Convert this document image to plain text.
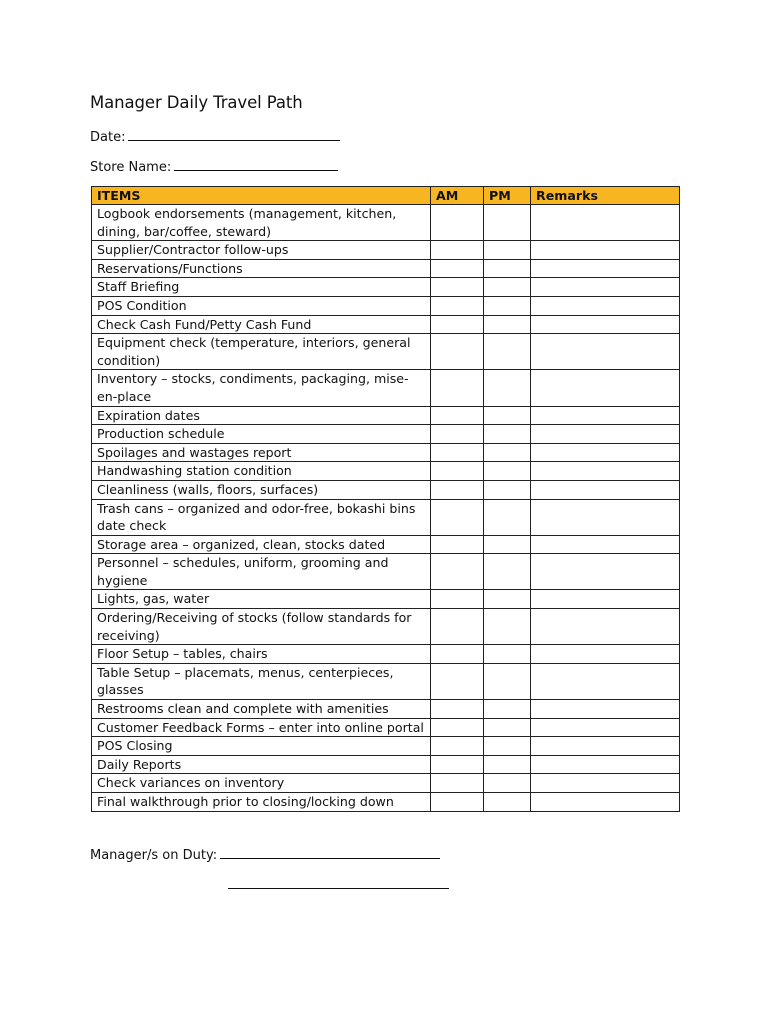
Manager Daily Travel Path
Date:
Store Name:
ITEMS	AM	PM	Remarks
Logbook endorsements (management, kitchen, dining, bar/coffee, steward)			
Supplier/Contractor follow-ups			
Reservations/Functions			
Staff Briefing			
POS Condition			
Check Cash Fund/Petty Cash Fund			
Equipment check (temperature, interiors, general condition)			
Inventory – stocks, condiments, packaging, mise-en-place			
Expiration dates			
Production schedule			
Spoilages and wastages report			
Handwashing station condition			
Cleanliness (walls, floors, surfaces)			
Trash cans – organized and odor-free, bokashi bins date check			
Storage area – organized, clean, stocks dated			
Personnel – schedules, uniform, grooming and hygiene			
Lights, gas, water			
Ordering/Receiving of stocks (follow standards for receiving)			
Floor Setup – tables, chairs			
Table Setup – placemats, menus, centerpieces, glasses			
Restrooms clean and complete with amenities			
Customer Feedback Forms – enter into online portal			
POS Closing			
Daily Reports			
Check variances on inventory			
Final walkthrough prior to closing/locking down			
Manager/s on Duty:
